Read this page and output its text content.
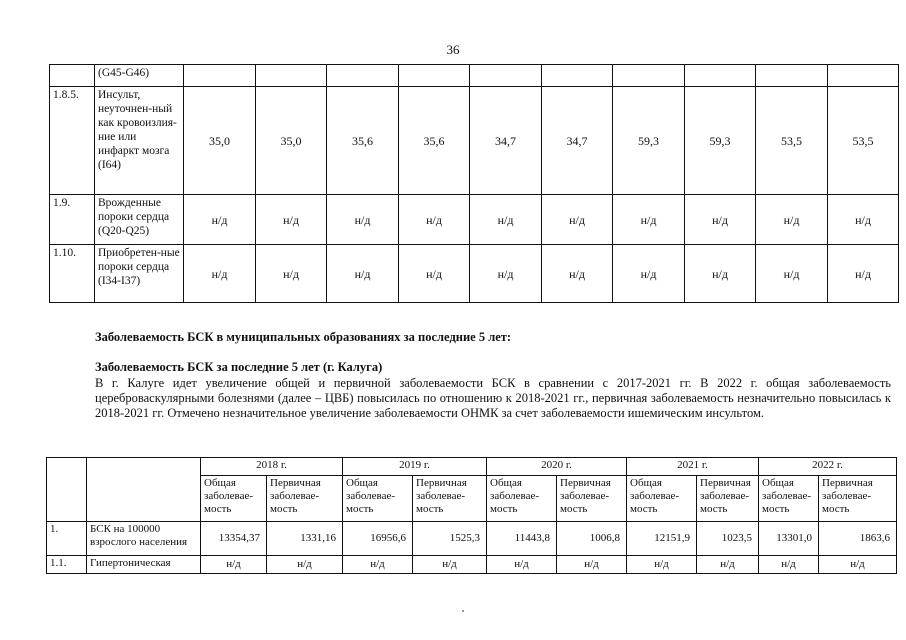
36
	(G45-G46)										
1.8.5.	Инсульт, неуточнен-ный как кровоизлия-ние или инфаркт мозга (I64)	35,0	35,0	35,6	35,6	34,7	34,7	59,3	59,3	53,5	53,5
1.9.	Врожденные пороки сердца (Q20-Q25)	н/д	н/д	н/д	н/д	н/д	н/д	н/д	н/д	н/д	н/д
1.10.	Приобретен-ные пороки сердца (I34-I37)	н/д	н/д	н/д	н/д	н/д	н/д	н/д	н/д	н/д	н/д
Заболеваемость БСК в муниципальных образованиях за последние 5 лет:
Заболеваемость БСК за последние 5 лет (г. Калуга)
В г. Калуге идет увеличение общей и первичной заболеваемости БСК в сравнении с 2017-2021 гг. В 2022 г. общая заболеваемость цереброваскулярными болезнями (далее – ЦВБ) повысилась по отношению к 2018-2021 гг., первичная заболеваемость незначительно повысилась к 2018-2021 гг. Отмечено незначительное увеличение заболеваемости ОНМК за счет заболеваемости ишемическим инсультом.
		2018 г.		2019 г.		2020 г.		2021 г.		2022 г.	
		Общая заболевае-мость	Первичная заболевае-мость	Общая заболевае-мость	Первичная заболевае-мость	Общая заболевае-мость	Первичная заболевае-мость	Общая заболевае-мость	Первичная заболевае-мость	Общая заболевае-мость	Первичная заболевае-мость
1.	БСК на 100000 взрослого населения	13354,37	1331,16	16956,6	1525,3	11443,8	1006,8	12151,9	1023,5	13301,0	1863,6
1.1.	Гипертоническая	н/д	н/д	н/д	н/д	н/д	н/д	н/д	н/д	н/д	н/д
